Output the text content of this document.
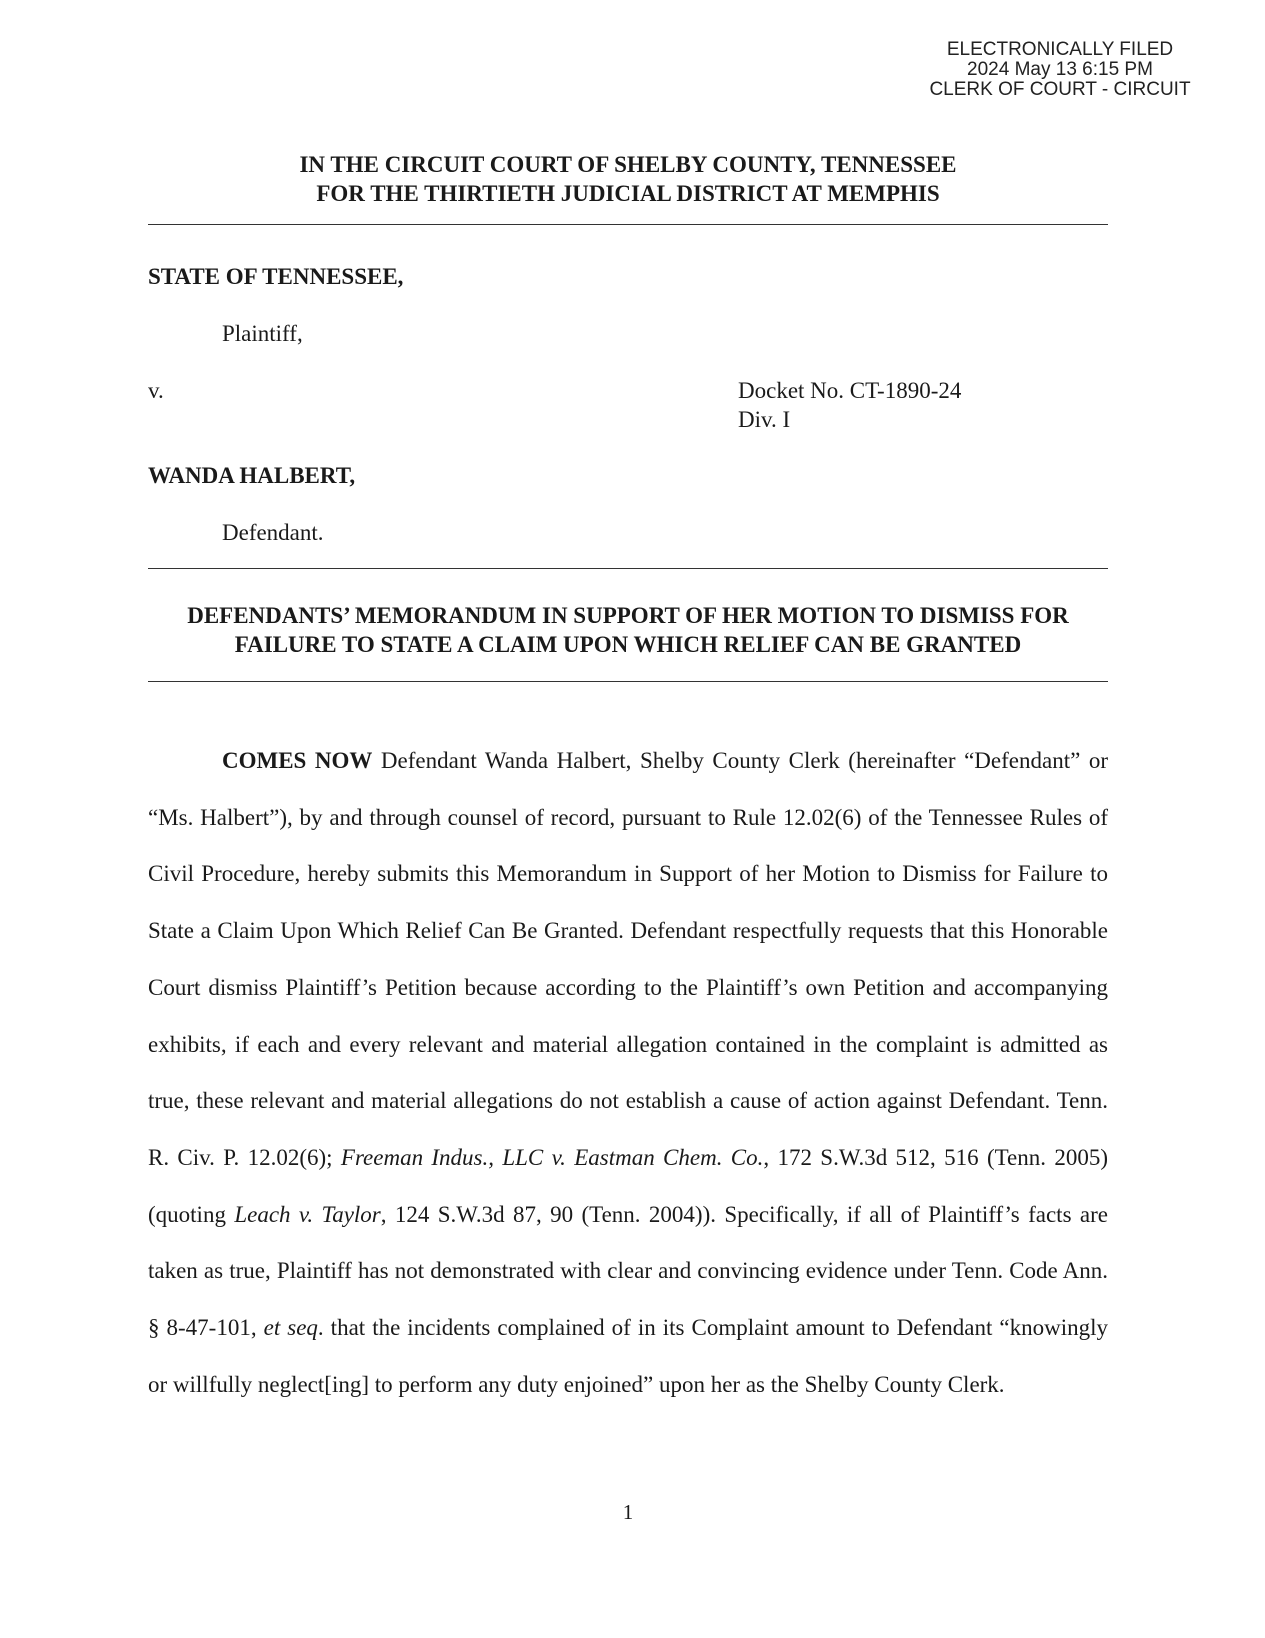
ELECTRONICALLY FILED
2024 May 13 6:15 PM
CLERK OF COURT - CIRCUIT
IN THE CIRCUIT COURT OF SHELBY COUNTY, TENNESSEE
FOR THE THIRTIETH JUDICIAL DISTRICT AT MEMPHIS
STATE OF TENNESSEE,
Plaintiff,
v.	Docket No. CT-1890-24
Div. I
WANDA HALBERT,
Defendant.
DEFENDANTS’ MEMORANDUM IN SUPPORT OF HER MOTION TO DISMISS FOR
FAILURE TO STATE A CLAIM UPON WHICH RELIEF CAN BE GRANTED

COMES NOW Defendant Wanda Halbert, Shelby County Clerk (hereinafter “Defendant” or “Ms. Halbert”), by and through counsel of record, pursuant to Rule 12.02(6) of the Tennessee Rules of Civil Procedure, hereby submits this Memorandum in Support of her Motion to Dismiss for Failure to State a Claim Upon Which Relief Can Be Granted. Defendant respectfully requests that this Honorable Court dismiss Plaintiff’s Petition because according to the Plaintiff’s own Petition and accompanying exhibits, if each and every relevant and material allegation contained in the complaint is admitted as true, these relevant and material allegations do not establish a cause of action against Defendant. Tenn. R. Civ. P. 12.02(6); Freeman Indus., LLC v. Eastman Chem. Co., 172 S.W.3d 512, 516 (Tenn. 2005) (quoting Leach v. Taylor, 124 S.W.3d 87, 90 (Tenn. 2004)). Specifically, if all of Plaintiff’s facts are taken as true, Plaintiff has not demonstrated with clear and convincing evidence under Tenn. Code Ann. § 8-47-101, et seq. that the incidents complained of in its Complaint amount to Defendant “knowingly or willfully neglect[ing] to perform any duty enjoined” upon her as the Shelby County Clerk.

1
